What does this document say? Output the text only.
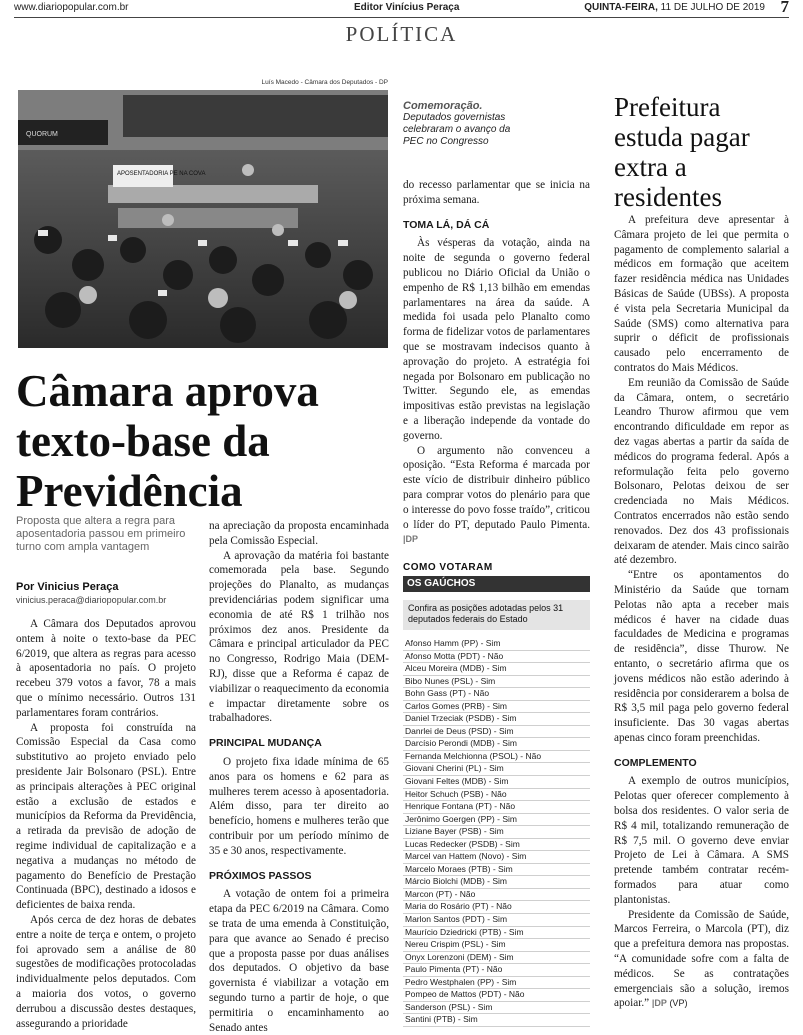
www.diariopopular.com.br	Editor Vinícius Peraça	QUINTA-FEIRA, 11 DE JULHO DE 2019 7
POLÍTICA
Luís Macedo - Câmara dos Deputados - DP
QUORUM
APOSENTADORIA PE NA COVA
Comemoração.
Deputados governistas celebraram o avanço da PEC no Congresso
Câmara aprova texto-base da Previdência
Proposta que altera a regra para aposentadoria passou em primeiro turno com ampla vantagem
Por Vinicius Peraça
vinicius.peraca@diariopopular.com.br

A Câmara dos Deputados aprovou ontem à noite o texto-base da PEC 6/2019, que altera as regras para acesso à aposentadoria no país. O projeto recebeu 379 votos a favor, 78 a mais que o mínimo necessário. Outros 131 parlamentares foram contrários.

A proposta foi construída na Comissão Especial da Casa como substitutivo ao projeto enviado pelo presidente Jair Bolsonaro (PSL). Entre as principais alterações à PEC original estão a exclusão de estados e municípios da Reforma da Previdência, a retirada da previsão de adoção de regime individual de capitalização e a negativa a mudanças no método de pagamento do Benefício de Prestação Continuada (BPC), destinado a idosos e deficientes de baixa renda.

Após cerca de dez horas de debates entre a noite de terça e ontem, o projeto foi aprovado sem a análise de 80 sugestões de modificações protocoladas individualmente pelos deputados. Com a maioria dos votos, o governo derrubou a discussão destes destaques, assegurando a prioridade

na apreciação da proposta encaminhada pela Comissão Especial.

A aprovação da matéria foi bastante comemorada pela base. Segundo projeções do Planalto, as mudanças previdenciárias podem significar uma economia de até R$ 1 trilhão nos próximos dez anos. Presidente da Câmara e principal articulador da PEC no Congresso, Rodrigo Maia (DEM-RJ), disse que a Reforma é capaz de viabilizar o reaquecimento da economia e impactar diretamente sobre os trabalhadores.

PRINCIPAL MUDANÇA

O projeto fixa idade mínima de 65 anos para os homens e 62 para as mulheres terem acesso à aposentadoria. Além disso, para ter direito ao benefício, homens e mulheres terão que contribuir por um período mínimo de 35 e 30 anos, respectivamente.

PRÓXIMOS PASSOS

A votação de ontem foi a primeira etapa da PEC 6/2019 na Câmara. Como se trata de uma emenda à Constituição, para que avance ao Senado é preciso que a proposta passe por duas análises dos deputados. O objetivo da base governista é viabilizar a votação em segundo turno a partir de hoje, o que permitiria o encaminhamento ao Senado antes

do recesso parlamentar que se inicia na próxima semana.

TOMA LÁ, DÁ CÁ

Às vésperas da votação, ainda na noite de segunda o governo federal publicou no Diário Oficial da União o empenho de R$ 1,13 bilhão em emendas parlamentares na área da saúde. A medida foi usada pelo Planalto como forma de fidelizar votos de parlamentares que se mostravam indecisos quanto à aprovação do projeto. A estratégia foi negada por Bolsonaro em publicação no Twitter. Segundo ele, as emendas impositivas estão previstas na legislação e a liberação independe da vontade do governo.

O argumento não convenceu a oposição. “Esta Reforma é marcada por este vício de distribuir dinheiro público para comprar votos do plenário para que o interesse do povo fosse traído”, criticou o líder do PT, deputado Paulo Pimenta. |DP

COMO VOTARAM
OS GAÚCHOS
Confira as posições adotadas pelos 31 deputados federais do Estado
Afonso Hamm (PP) - Sim
Afonso Motta (PDT) - Não
Alceu Moreira (MDB) - Sim
Bibo Nunes (PSL) - Sim
Bohn Gass (PT) - Não
Carlos Gomes (PRB) - Sim
Daniel Trzeciak (PSDB) - Sim
Danrlei de Deus (PSD) - Sim
Darcísio Perondi (MDB) - Sim
Fernanda Melchionna (PSOL) - Não
Giovani Cherini (PL) - Sim
Giovani Feltes (MDB) - Sim
Heitor Schuch (PSB) - Não
Henrique Fontana (PT) - Não
Jerônimo Goergen (PP) - Sim
Liziane Bayer (PSB) - Sim
Lucas Redecker (PSDB) - Sim
Marcel van Hattem (Novo) - Sim
Marcelo Moraes (PTB) - Sim
Márcio Biolchi (MDB) - Sim
Marcon (PT) - Não
Maria do Rosário (PT) - Não
Marlon Santos (PDT) - Sim
Maurício Dziedricki (PTB) - Sim
Nereu Crispim (PSL) - Sim
Onyx Lorenzoni (DEM) - Sim
Paulo Pimenta (PT) - Não
Pedro Westphalen (PP) - Sim
Pompeo de Mattos (PDT) - Não
Sanderson (PSL) - Sim
Santini (PTB) - Sim
Prefeitura estuda pagar extra a residentes

A prefeitura deve apresentar à Câmara projeto de lei que permita o pagamento de complemento salarial a médicos em formação que aceitem fazer residência médica nas Unidades Básicas de Saúde (UBSs). A proposta é vista pela Secretaria Municipal da Saúde (SMS) como alternativa para suprir o déficit de profissionais causado pelo encerramento de contratos do Mais Médicos.

Em reunião da Comissão de Saúde da Câmara, ontem, o secretário Leandro Thurow afirmou que vem encontrando dificuldade em repor as dez vagas abertas a partir da saída de médicos do programa federal. Após a reformulação feita pelo governo Bolsonaro, Pelotas deixou de ser credenciada no Mais Médicos. Contratos encerrados não estão sendo renovados. Dez dos 43 profissionais deixaram de atender. Mais cinco sairão até dezembro.

“Entre os apontamentos do Ministério da Saúde que tornam Pelotas não apta a receber mais médicos é haver na cidade duas faculdades de Medicina e programas de residência”, disse Thurow. Ne entanto, o secretário afirma que os jovens médicos não estão aderindo à residência por considerarem a bolsa de R$ 3,5 mil paga pelo governo federal insuficiente. Das 30 vagas abertas apenas cinco foram preenchidas.

COMPLEMENTO

A exemplo de outros municípios, Pelotas quer oferecer complemento à bolsa dos residentes. O valor seria de R$ 4 mil, totalizando remuneração de R$ 7,5 mil. O governo deve enviar Projeto de Lei à Câmara. A SMS pretende também contratar recém-formados para atuar como plantonistas.

Presidente da Comissão de Saúde, Marcos Ferreira, o Marcola (PT), diz que a prefeitura demora nas propostas. “A comunidade sofre com a falta de médicos. Se as contratações emergenciais são a solução, iremos apoiar.” |DP (VP)
